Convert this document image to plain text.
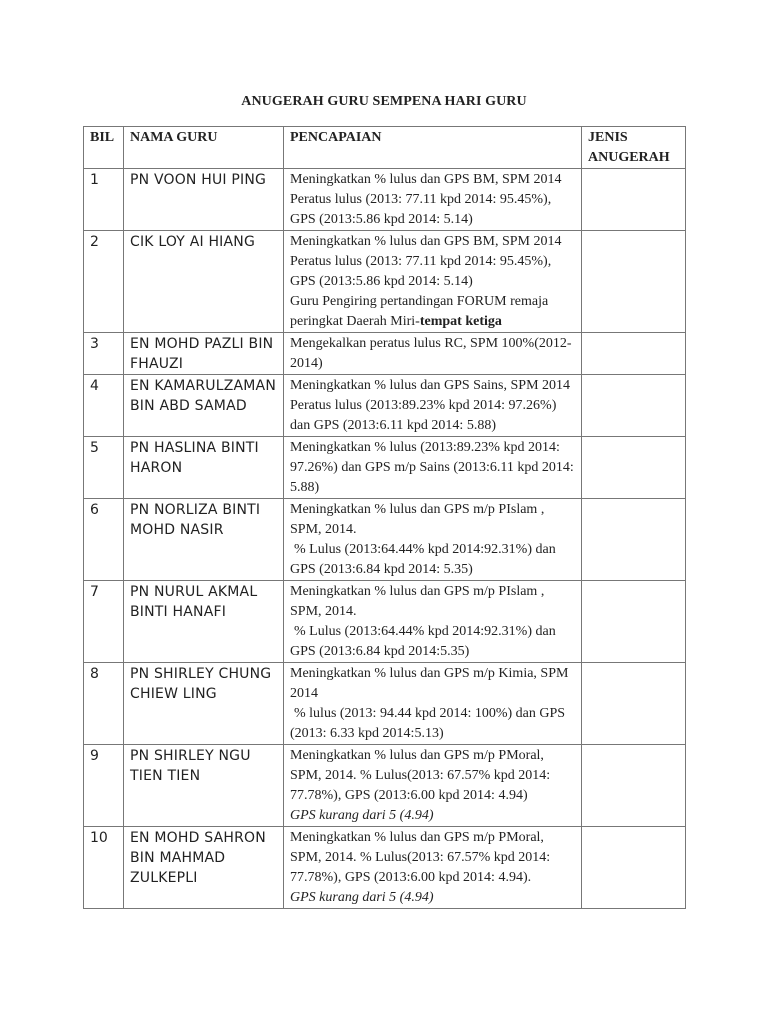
ANUGERAH GURU SEMPENA HARI GURU
BIL	NAMA GURU	PENCAPAIAN	JENIS ANUGERAH
1	PN VOON HUI PING	Meningkatkan % lulus dan GPS BM, SPM 2014
Peratus lulus (2013: 77.11 kpd 2014: 95.45%), GPS (2013:5.86 kpd 2014: 5.14)	

2	CIK LOY AI HIANG	Meningkatkan % lulus dan GPS BM, SPM 2014
Peratus lulus (2013: 77.11 kpd 2014: 95.45%), GPS (2013:5.86 kpd 2014: 5.14)
Guru Pengiring pertandingan FORUM remaja peringkat Daerah Miri-tempat ketiga	

3	EN MOHD PAZLI BIN FHAUZI	Mengekalkan peratus lulus RC, SPM 100%(2012-2014)	

4	EN KAMARULZAMAN BIN ABD SAMAD	Meningkatkan % lulus dan GPS Sains, SPM 2014 Peratus lulus (2013:89.23% kpd 2014: 97.26%) dan GPS (2013:6.11 kpd 2014: 5.88)	

5	PN HASLINA BINTI HARON	Meningkatkan % lulus (2013:89.23% kpd 2014: 97.26%) dan GPS m/p Sains (2013:6.11 kpd 2014: 5.88)	

6	PN NORLIZA BINTI MOHD NASIR	Meningkatkan % lulus dan GPS m/p PIslam , SPM, 2014.
% Lulus (2013:64.44% kpd 2014:92.31%) dan GPS (2013:6.84 kpd 2014: 5.35)	

7	PN NURUL AKMAL BINTI HANAFI	Meningkatkan % lulus dan GPS m/p PIslam , SPM, 2014.
% Lulus (2013:64.44% kpd 2014:92.31%) dan GPS (2013:6.84 kpd 2014:5.35)	

8	PN SHIRLEY CHUNG CHIEW LING	Meningkatkan % lulus dan GPS m/p Kimia, SPM 2014
% lulus (2013: 94.44 kpd 2014: 100%) dan GPS (2013: 6.33 kpd 2014:5.13)	

9	PN SHIRLEY NGU TIEN TIEN	Meningkatkan % lulus dan GPS m/p PMoral, SPM, 2014. % Lulus(2013: 67.57% kpd 2014: 77.78%), GPS (2013:6.00 kpd 2014: 4.94)
GPS kurang dari 5 (4.94)	

10	EN MOHD SAHRON BIN MAHMAD ZULKEPLI	Meningkatkan % lulus dan GPS m/p PMoral, SPM, 2014. % Lulus(2013: 67.57% kpd 2014: 77.78%), GPS (2013:6.00 kpd 2014: 4.94).
GPS kurang dari 5 (4.94)	
